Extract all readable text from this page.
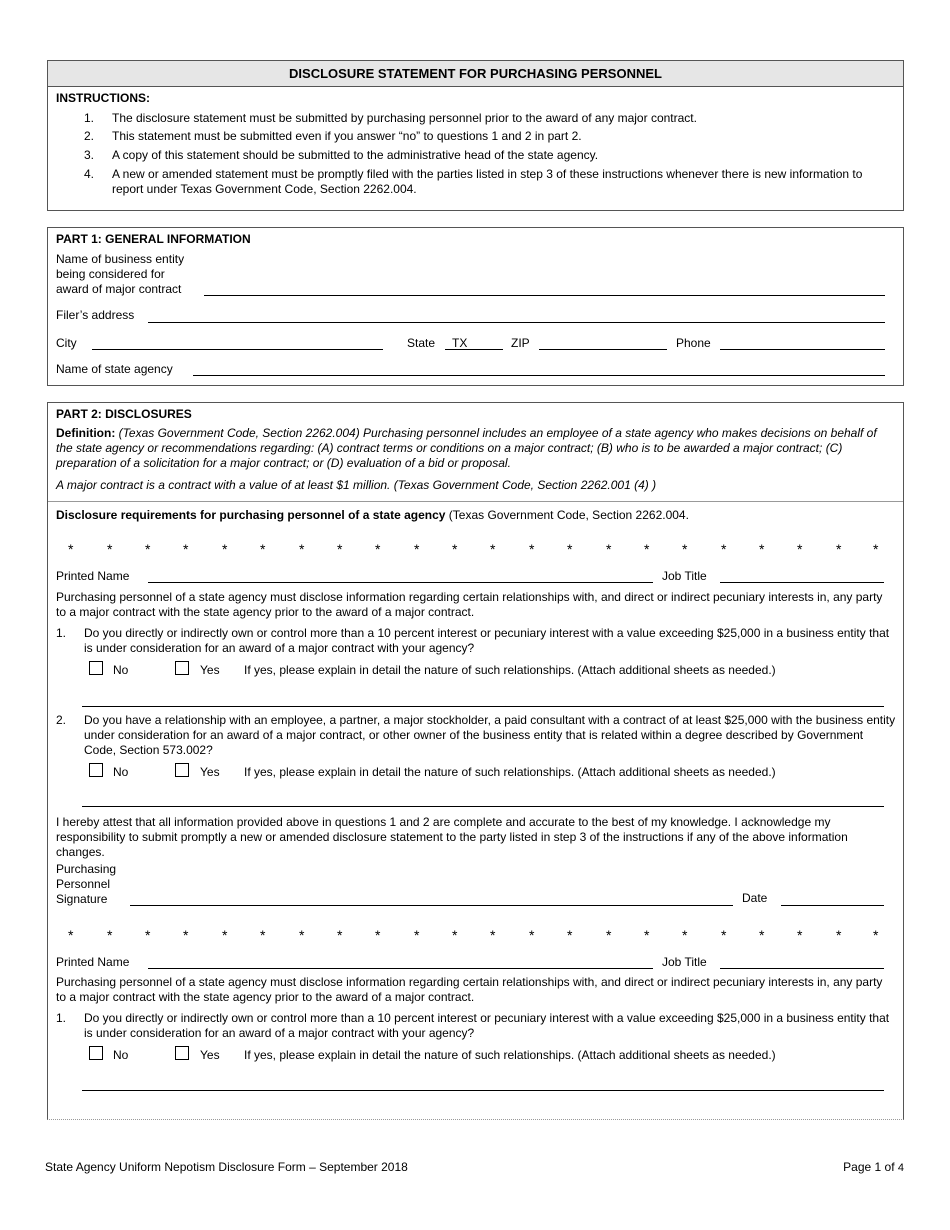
DISCLOSURE STATEMENT FOR PURCHASING PERSONNEL
INSTRUCTIONS:
1. The disclosure statement must be submitted by purchasing personnel prior to the award of any major contract.
2. This statement must be submitted even if you answer “no” to questions 1 and 2 in part 2.
3. A copy of this statement should be submitted to the administrative head of the state agency.
4. A new or amended statement must be promptly filed with the parties listed in step 3 of these instructions whenever there is new information to report under Texas Government Code, Section 2262.004.
PART 1: GENERAL INFORMATION
Name of business entity
being considered for
award of major contract
Filer’s address
City	State TX	ZIP	Phone
Name of state agency
PART 2: DISCLOSURES
Definition: (Texas Government Code, Section 2262.004) Purchasing personnel includes an employee of a state agency who makes decisions on behalf of the state agency or recommendations regarding: (A) contract terms or conditions on a major contract; (B) who is to be awarded a major contract; (C) preparation of a solicitation for a major contract; or (D) evaluation of a bid or proposal.
A major contract is a contract with a value of at least $1 million. (Texas Government Code, Section 2262.001 (4) )
Disclosure requirements for purchasing personnel of a state agency (Texas Government Code, Section 2262.004.
* * * * * * * * * * * * * * * * * * * * * *
Printed Name	Job Title
Purchasing personnel of a state agency must disclose information regarding certain relationships with, and direct or indirect pecuniary interests in, any party to a major contract with the state agency prior to the award of a major contract.
1. Do you directly or indirectly own or control more than a 10 percent interest or pecuniary interest with a value exceeding $25,000 in a business entity that is under consideration for an award of a major contract with your agency?
No	Yes If yes, please explain in detail the nature of such relationships. (Attach additional sheets as needed.)
2. Do you have a relationship with an employee, a partner, a major stockholder, a paid consultant with a contract of at least $25,000 with the business entity under consideration for an award of a major contract, or other owner of the business entity that is related within a degree described by Government Code, Section 573.002?
No	Yes If yes, please explain in detail the nature of such relationships. (Attach additional sheets as needed.)
I hereby attest that all information provided above in questions 1 and 2 are complete and accurate to the best of my knowledge. I acknowledge my responsibility to submit promptly a new or amended disclosure statement to the party listed in step 3 of the instructions if any of the above information changes.
Purchasing
Personnel
Signature	Date
* * * * * * * * * * * * * * * * * * * * * *
Printed Name	Job Title
Purchasing personnel of a state agency must disclose information regarding certain relationships with, and direct or indirect pecuniary interests in, any party to a major contract with the state agency prior to the award of a major contract.
1. Do you directly or indirectly own or control more than a 10 percent interest or pecuniary interest with a value exceeding $25,000 in a business entity that is under consideration for an award of a major contract with your agency?
No	Yes If yes, please explain in detail the nature of such relationships. (Attach additional sheets as needed.)
State Agency Uniform Nepotism Disclosure Form – September 2018	Page 1 of 4
